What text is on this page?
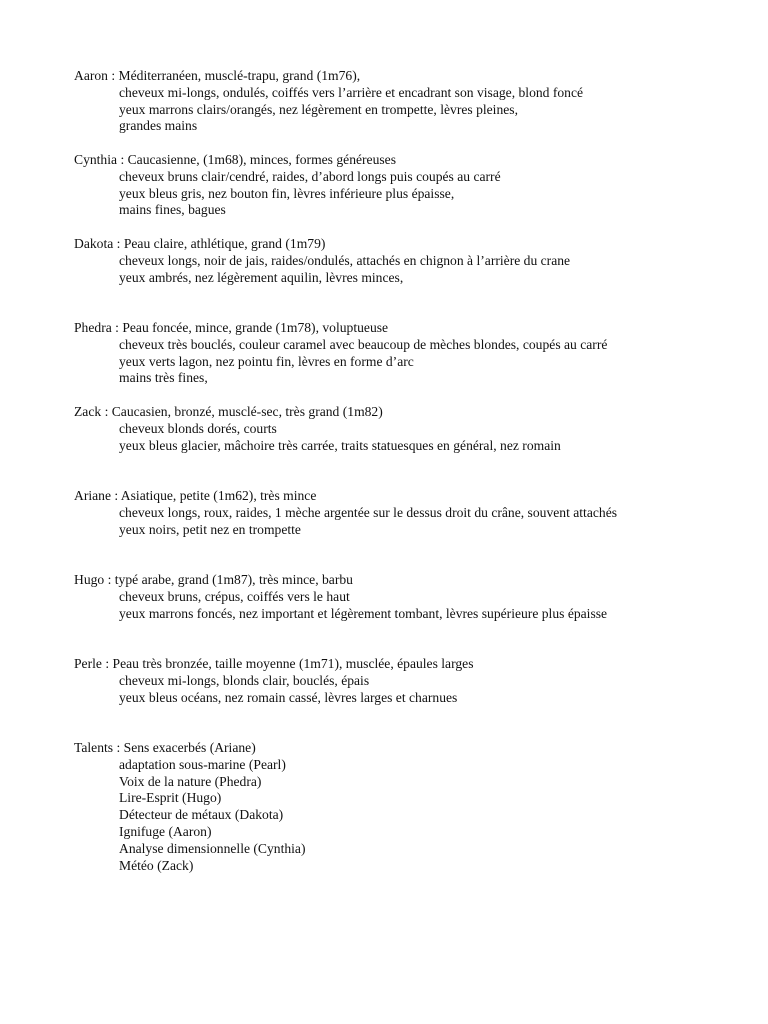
Aaron : Méditerranéen, musclé-trapu, grand (1m76),
cheveux mi-longs, ondulés, coiffés vers l’arrière et encadrant son visage, blond foncé
yeux marrons clairs/orangés, nez légèrement en trompette, lèvres pleines,
grandes mains
Cynthia : Caucasienne, (1m68), minces, formes généreuses
cheveux bruns clair/cendré, raides, d’abord longs puis coupés au carré
yeux bleus gris, nez bouton fin, lèvres inférieure plus épaisse,
mains fines, bagues
Dakota : Peau claire, athlétique, grand (1m79)
cheveux longs, noir de jais, raides/ondulés, attachés en chignon à l’arrière du crane
yeux ambrés, nez légèrement aquilin, lèvres minces,
Phedra : Peau foncée, mince, grande (1m78), voluptueuse
cheveux très bouclés, couleur caramel avec beaucoup de mèches blondes, coupés au carré
yeux verts lagon, nez pointu fin, lèvres en forme d’arc
mains très fines,
Zack : Caucasien, bronzé, musclé-sec, très grand (1m82)
cheveux blonds dorés, courts
yeux bleus glacier, mâchoire très carrée, traits statuesques en général, nez romain
Ariane : Asiatique, petite (1m62), très mince
cheveux longs, roux, raides, 1 mèche argentée sur le dessus droit du crâne, souvent attachés
yeux noirs, petit nez en trompette
Hugo : typé arabe, grand (1m87), très mince, barbu
cheveux bruns, crépus, coiffés vers le haut
yeux marrons foncés, nez important et légèrement tombant, lèvres supérieure plus épaisse
Perle : Peau très bronzée, taille moyenne (1m71), musclée, épaules larges
cheveux mi-longs, blonds clair, bouclés, épais
yeux bleus océans, nez romain cassé, lèvres larges et charnues
Talents : Sens exacerbés (Ariane)
adaptation sous-marine (Pearl)
Voix de la nature (Phedra)
Lire-Esprit (Hugo)
Détecteur de métaux (Dakota)
Ignifuge (Aaron)
Analyse dimensionnelle (Cynthia)
Météo (Zack)
